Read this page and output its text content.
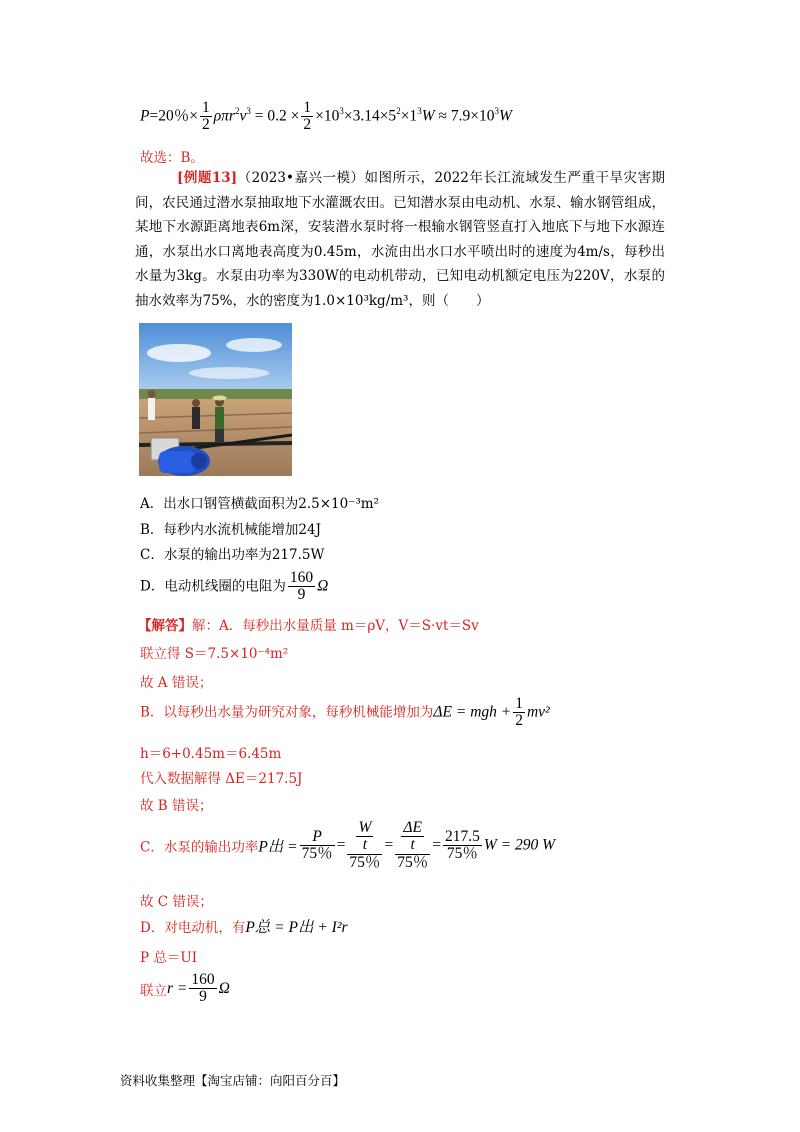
P=20％× $\frac{1}{2} \rho\pi r^2v^3 = 0.2 \times \frac{1}{2} \times 10^3\times 3.14\times 5^2\times 1^3W \approx 7.9\times 10^3W$
故选：B。
[例题13]（2023•嘉兴一模）如图所示，2022年长江流域发生严重干旱灾害期间，农民通过潜水泵抽取地下水灌溉农田。已知潜水泵由电动机、水泵、输水钢管组成，某地下水源距离地表6m深，安装潜水泵时将一根输水钢管竖直打入地底下与地下水源连通，水泵出水口离地表高度为0.45m，水流由出水口水平喷出时的速度为4m/s，每秒出水量为3kg。水泵由功率为330W的电动机带动，已知电动机额定电压为220V，水泵的抽水效率为75%，水的密度为1.0×10³kg/m³，则（　　）
A．出水口钢管横截面积为2.5×10⁻³m²
B．每秒内水流机械能增加24J
C．水泵的输出功率为217.5W
D．电动机线圈的电阻为 $\frac{160}{9}$ Ω
【解答】解：A．每秒出水量质量 m＝ρV，V＝S·vt＝Sv
联立得 S＝7.5×10⁻⁴m²
故 A 错误；
B．以每秒出水量为研究对象，每秒机械能增加为ΔE = mgh + $\frac{1}{2} mv^2$
h＝6+0.45m＝6.45m
代入数据解得 ΔE＝217.5J
故 B 错误；
C．水泵的输出功率P出 = $\frac{P}{75\%} = \frac{\frac{W}{t}}{75\%} = \frac{\frac{\Delta E}{t}}{75\%} = \frac{217.5}{75\%}$ W = 290 W
故 C 错误；
D．对电动机，有P总 = P出 + I²r
P 总＝UI
联立$r = \frac{160}{9}$ Ω
资料收集整理【淘宝店铺：向阳百分百】
